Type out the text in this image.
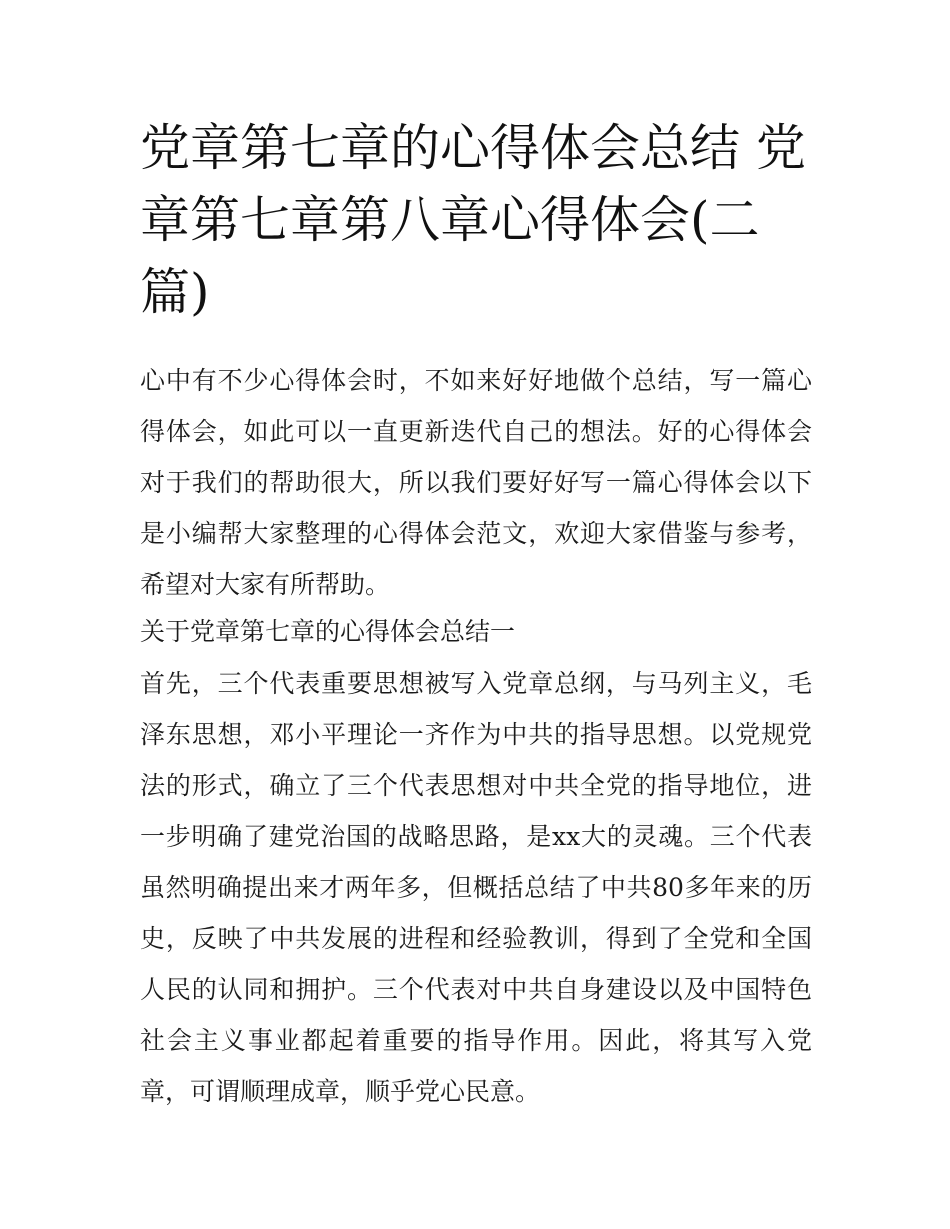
党章第七章的心得体会总结 党章第七章第八章心得体会(二篇)

心中有不少心得体会时，不如来好好地做个总结，写一篇心得体会，如此可以一直更新迭代自己的想法。好的心得体会对于我们的帮助很大，所以我们要好好写一篇心得体会以下是小编帮大家整理的心得体会范文，欢迎大家借鉴与参考，希望对大家有所帮助。

关于党章第七章的心得体会总结一

首先，三个代表重要思想被写入党章总纲，与马列主义，毛泽东思想，邓小平理论一齐作为中共的指导思想。以党规党法的形式，确立了三个代表思想对中共全党的指导地位，进一步明确了建党治国的战略思路，是xx大的灵魂。三个代表虽然明确提出来才两年多，但概括总结了中共80多年来的历史，反映了中共发展的进程和经验教训，得到了全党和全国人民的认同和拥护。三个代表对中共自身建设以及中国特色社会主义事业都起着重要的指导作用。因此，将其写入党章，可谓顺理成章，顺乎党心民意。
